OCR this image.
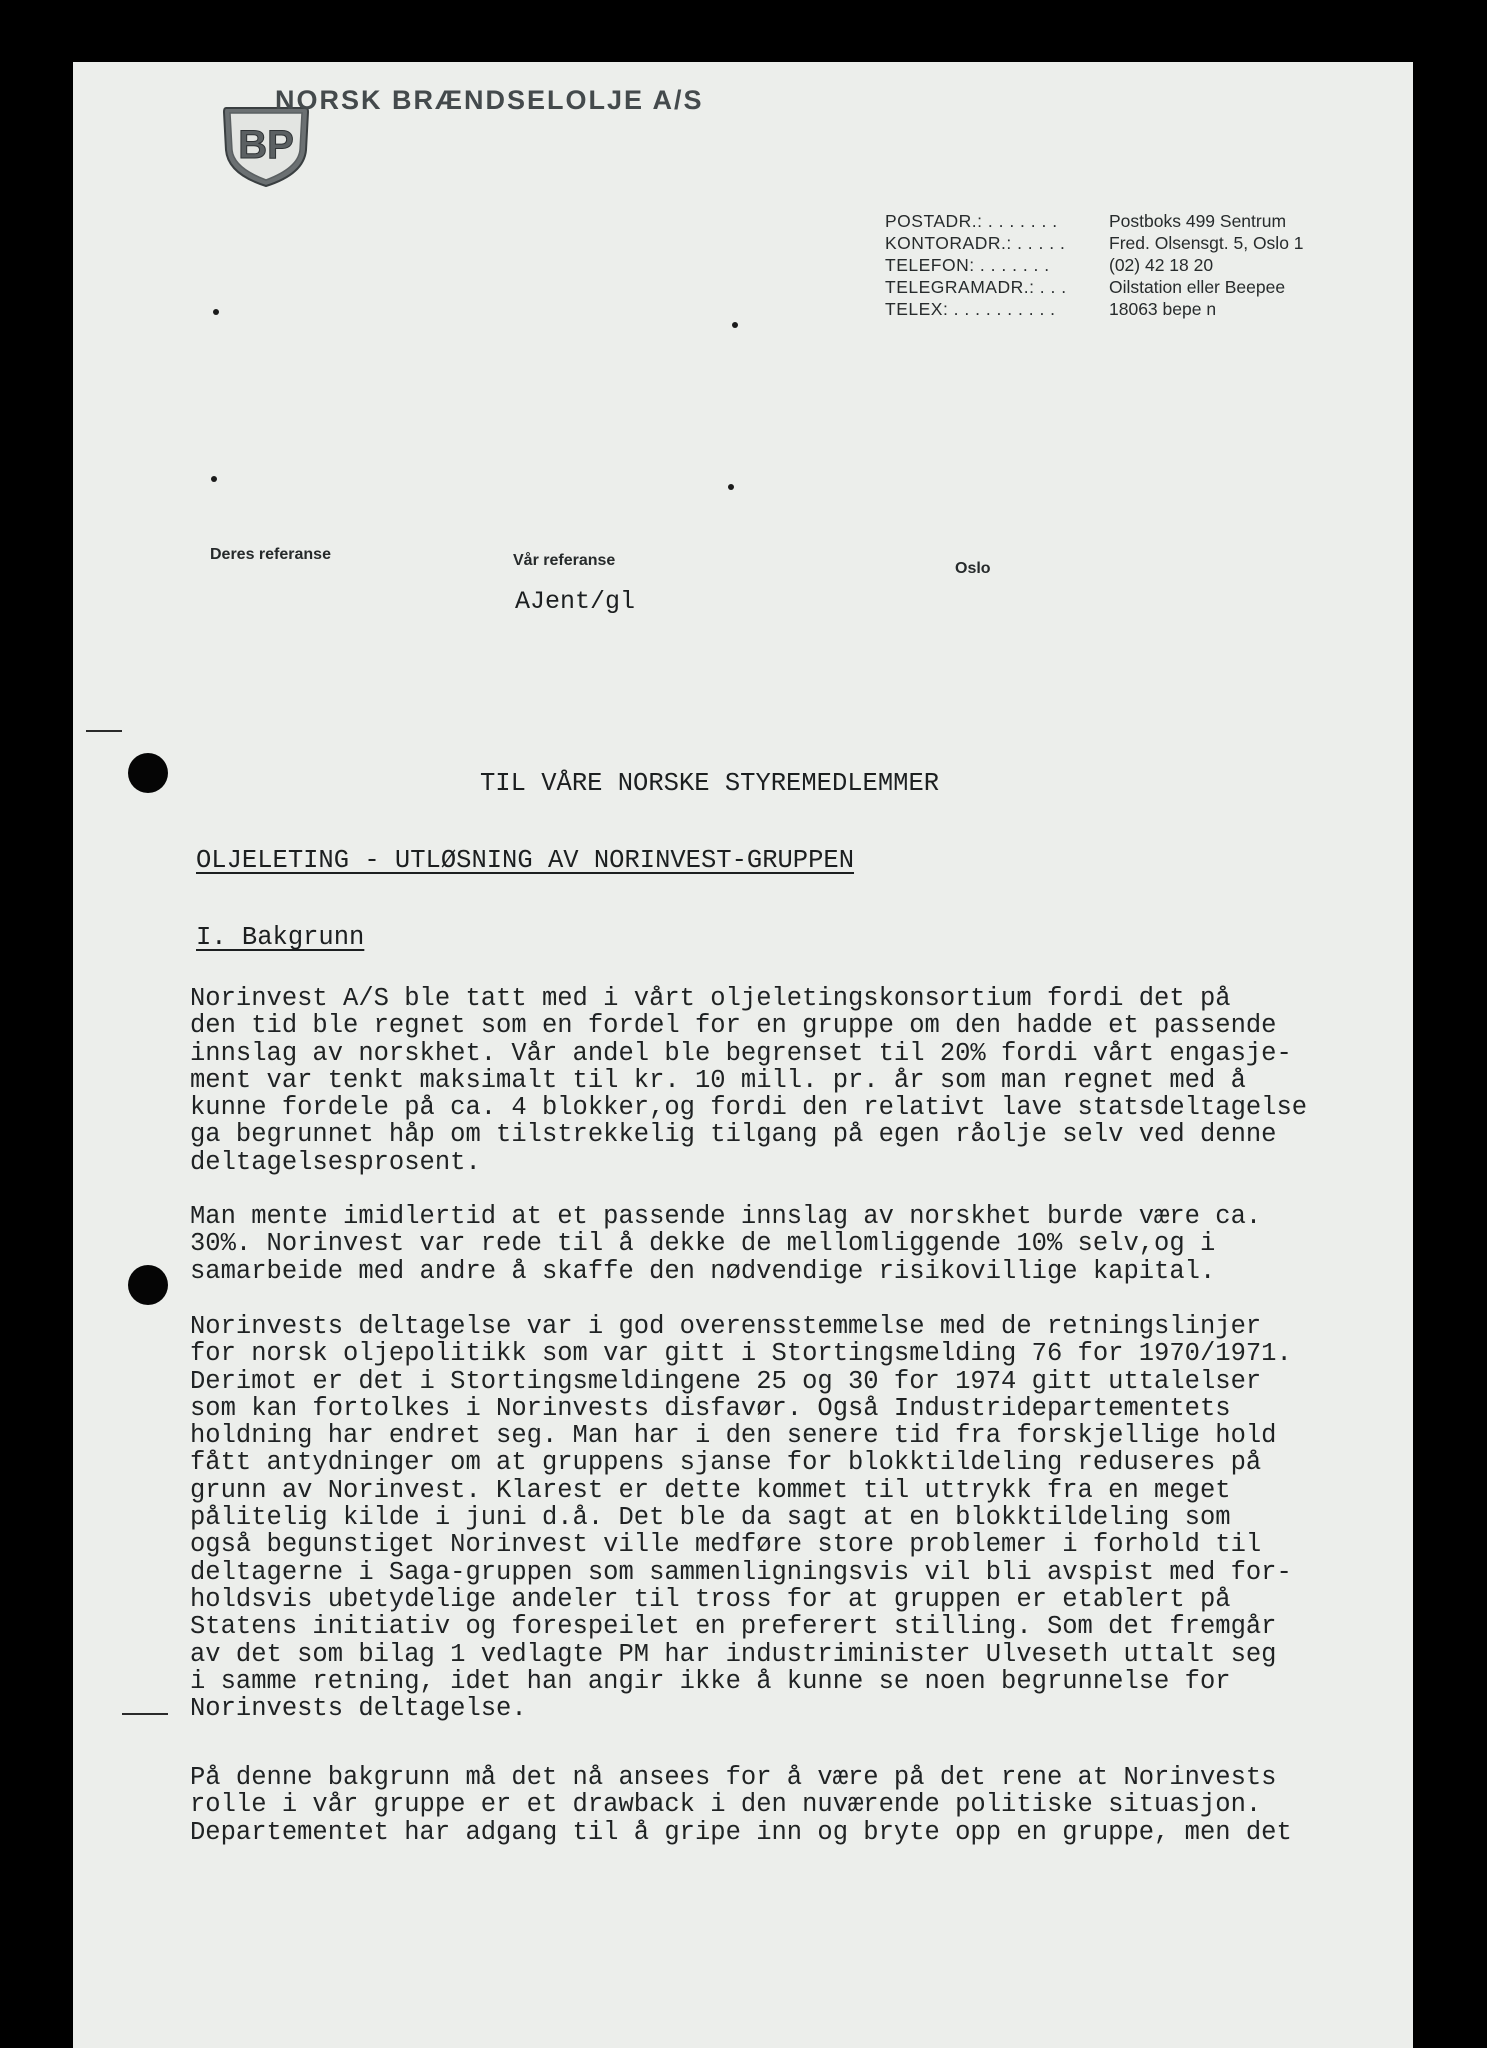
BP
NORSK BRÆNDSELOLJE A/S
POSTADR.: . . . . . . .	Postboks 499 Sentrum
KONTORADR.: . . . . .	Fred. Olsensgt. 5, Oslo 1
TELEFON: . . . . . . .	(02) 42 18 20
TELEGRAMADR.: . . .	Oilstation eller Beepee
TELEX: . . . . . . . . . .	18063 bepe n
Deres referanse	Vår referanse
AJent/gl
Oslo
TIL VÅRE NORSKE STYREMEDLEMMER
OLJELETING - UTLØSNING AV NORINVEST-GRUPPEN
I. Bakgrunn
Norinvest A/S ble tatt med i vårt oljeletingskonsortium fordi det på
den tid ble regnet som en fordel for en gruppe om den hadde et passende
innslag av norskhet. Vår andel ble begrenset til 20% fordi vårt engasje-
ment var tenkt maksimalt til kr. 10 mill. pr. år som man regnet med å
kunne fordele på ca. 4 blokker,og fordi den relativt lave statsdeltagelse
ga begrunnet håp om tilstrekkelig tilgang på egen råolje selv ved denne
deltagelsesprosent.
Man mente imidlertid at et passende innslag av norskhet burde være ca.
30%. Norinvest var rede til å dekke de mellomliggende 10% selv,og i
samarbeide med andre å skaffe den nødvendige risikovillige kapital.
Norinvests deltagelse var i god overensstemmelse med de retningslinjer
for norsk oljepolitikk som var gitt i Stortingsmelding 76 for 1970/1971.
Derimot er det i Stortingsmeldingene 25 og 30 for 1974 gitt uttalelser
som kan fortolkes i Norinvests disfavør. Også Industridepartementets
holdning har endret seg. Man har i den senere tid fra forskjellige hold
fått antydninger om at gruppens sjanse for blokktildeling reduseres på
grunn av Norinvest. Klarest er dette kommet til uttrykk fra en meget
pålitelig kilde i juni d.å. Det ble da sagt at en blokktildeling som
også begunstiget Norinvest ville medføre store problemer i forhold til
deltagerne i Saga-gruppen som sammenligningsvis vil bli avspist med for-
holdsvis ubetydelige andeler til tross for at gruppen er etablert på
Statens initiativ og forespeilet en preferert stilling. Som det fremgår
av det som bilag 1 vedlagte PM har industriminister Ulveseth uttalt seg
i samme retning, idet han angir ikke å kunne se noen begrunnelse for
Norinvests deltagelse.
På denne bakgrunn må det nå ansees for å være på det rene at Norinvests
rolle i vår gruppe er et drawback i den nuværende politiske situasjon.
Departementet har adgang til å gripe inn og bryte opp en gruppe, men det
